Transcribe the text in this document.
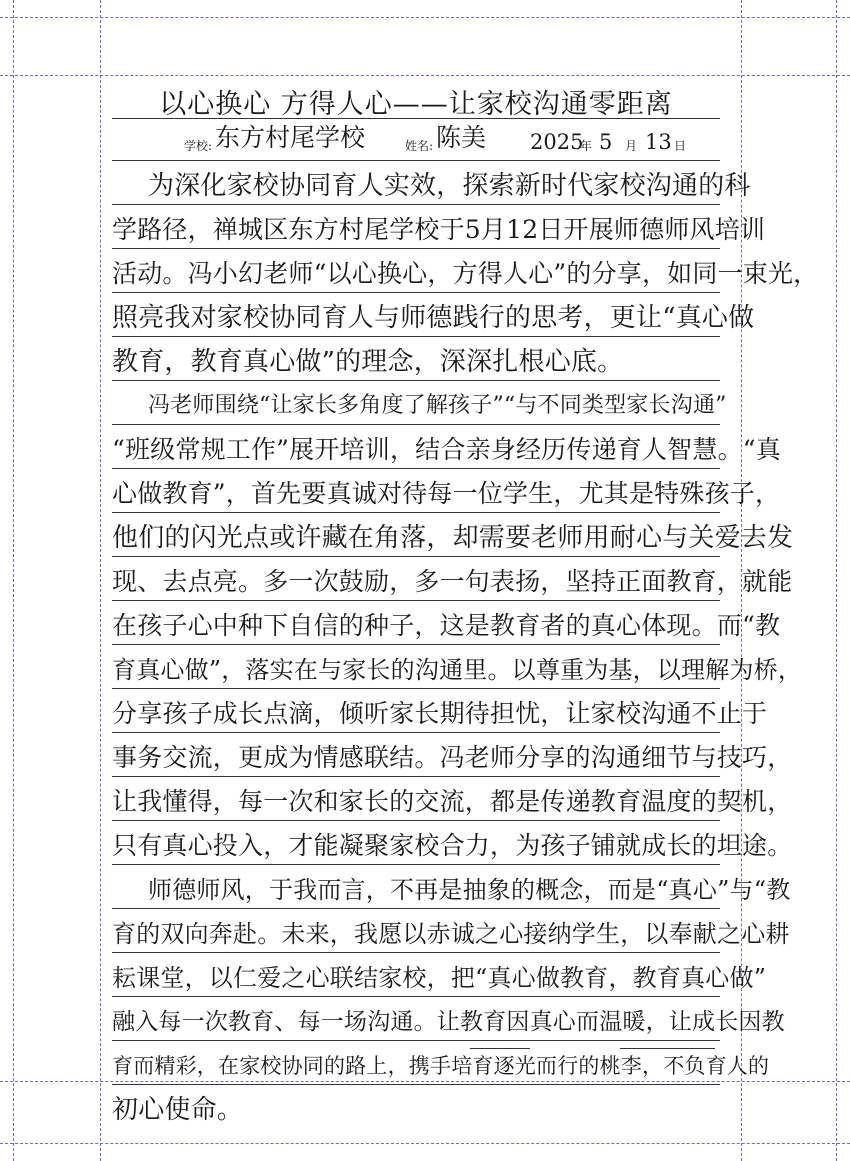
以心换心 方得人心——让家校沟通零距离
学校: 东方村尾学校	姓名: 陈美 2025
年 5 月 13 日
为深化家校协同育人实效，探索新时代家校沟通的科
学路径，禅城区东方村尾学校于5月12日开展师德师风培训
活动。冯小幻老师“以心换心，方得人心”的分享，如同一束光，
照亮我对家校协同育人与师德践行的思考，更让“真心做
教育，教育真心做”的理念，深深扎根心底。
冯老师围绕“让家长多角度了解孩子”“与不同类型家长沟通”
“班级常规工作”展开培训，结合亲身经历传递育人智慧。“真
心做教育”，首先要真诚对待每一位学生，尤其是特殊孩子，
他们的闪光点或许藏在角落，却需要老师用耐心与关爱去发
现、去点亮。多一次鼓励，多一句表扬，坚持正面教育，就能
在孩子心中种下自信的种子，这是教育者的真心体现。而“教
育真心做”，落实在与家长的沟通里。以尊重为基，以理解为桥，
分享孩子成长点滴，倾听家长期待担忧，让家校沟通不止于
事务交流，更成为情感联结。冯老师分享的沟通细节与技巧，
让我懂得，每一次和家长的交流，都是传递教育温度的契机，
只有真心投入，才能凝聚家校合力，为孩子铺就成长的坦途。
师德师风，于我而言，不再是抽象的概念，而是“真心”与“教
育的双向奔赴。未来，我愿以赤诚之心接纳学生，以奉献之心耕
耘课堂，以仁爱之心联结家校，把“真心做教育，教育真心做”
融入每一次教育、每一场沟通。让教育因真心而温暖，让成长因教
育而精彩，在家校协同的路上，携手培育逐光而行的桃李，不负育人的
初心使命。
